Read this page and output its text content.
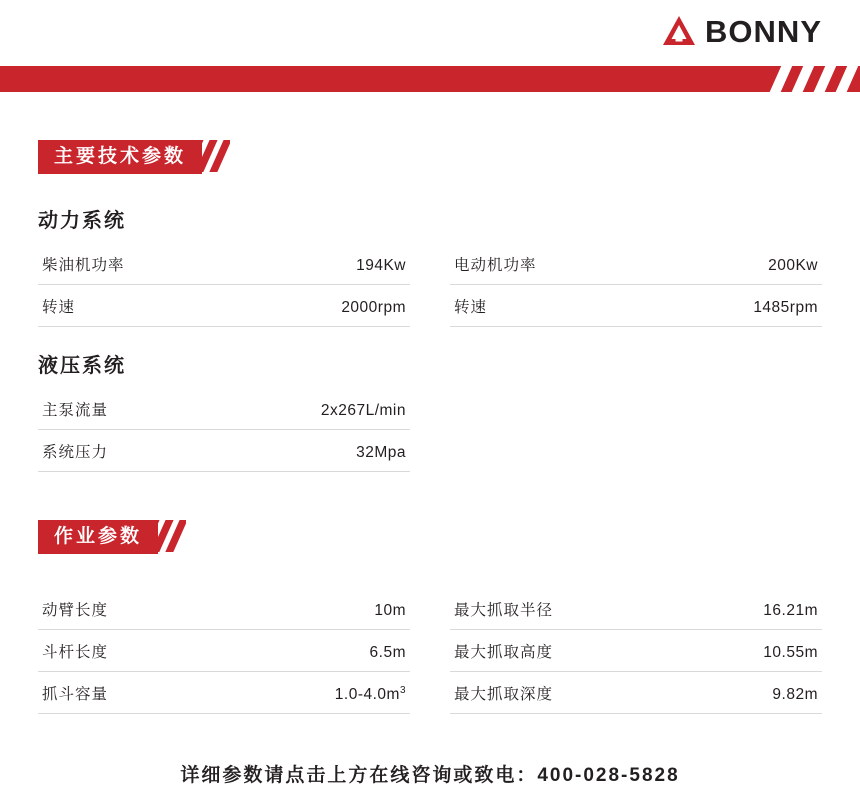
BONNY
主要技术参数
动力系统
柴油机功率	194Kw
转速	2000rpm
电动机功率	200Kw
转速	1485rpm
液压系统
主泵流量	2x267L/min
系统压力	32Mpa
作业参数
动臂长度	10m
斗杆长度	6.5m
抓斗容量	$1.0-4.0m^3$
最大抓取半径	16.21m
最大抓取高度	10.55m
最大抓取深度	9.82m
详细参数请点击上方在线咨询或致电：400-028-5828
